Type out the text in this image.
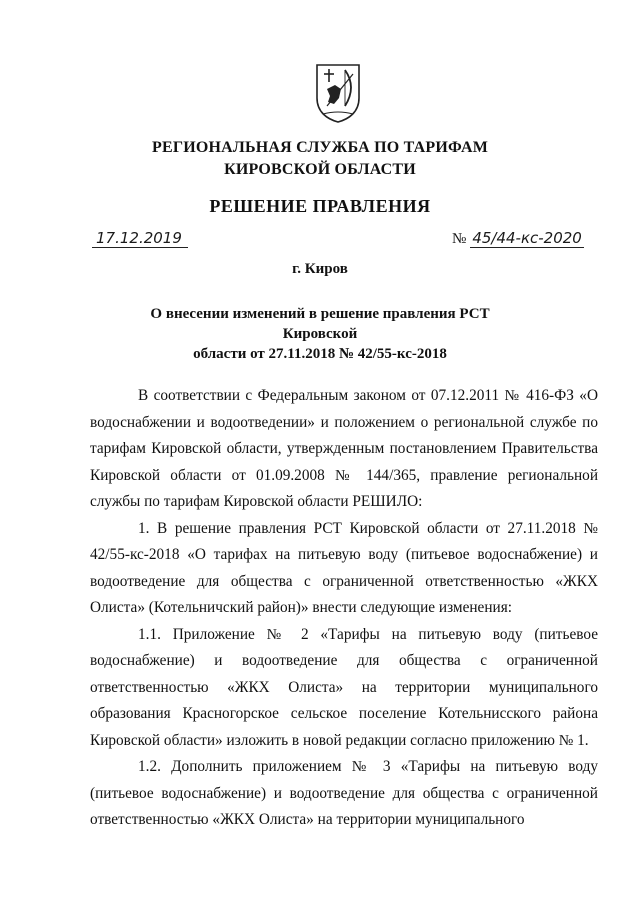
РЕГИОНАЛЬНАЯ СЛУЖБА ПО ТАРИФАМ
КИРОВСКОЙ ОБЛАСТИ
РЕШЕНИЕ ПРАВЛЕНИЯ
17.12.2019	№ 45/44-кс-2020
г. Киров
О внесении изменений в решение правления РСТ Кировской
области от 27.11.2018 № 42/55-кс-2018

В соответствии с Федеральным законом от 07.12.2011 № 416-ФЗ «О водоснабжении и водоотведении» и положением о региональной службе по тарифам Кировской области, утвержденным постановлением Правительства Кировской области от 01.09.2008 № 144/365, правление региональной службы по тарифам Кировской области РЕШИЛО:

1. В решение правления РСТ Кировской области от 27.11.2018 № 42/55-кс-2018 «О тарифах на питьевую воду (питьевое водоснабжение) и водоотведение для общества с ограниченной ответственностью «ЖКХ Олиста» (Котельничский район)» внести следующие изменения:

1.1. Приложение № 2 «Тарифы на питьевую воду (питьевое водоснабжение) и водоотведение для общества с ограниченной ответственностью «ЖКХ Олиста» на территории муниципального образования Красногорское сельское поселение Котельнисского района Кировской области» изложить в новой редакции согласно приложению № 1.

1.2. Дополнить приложением № 3 «Тарифы на питьевую воду (питьевое водоснабжение) и водоотведение для общества с ограниченной ответственностью «ЖКХ Олиста» на территории муниципального
